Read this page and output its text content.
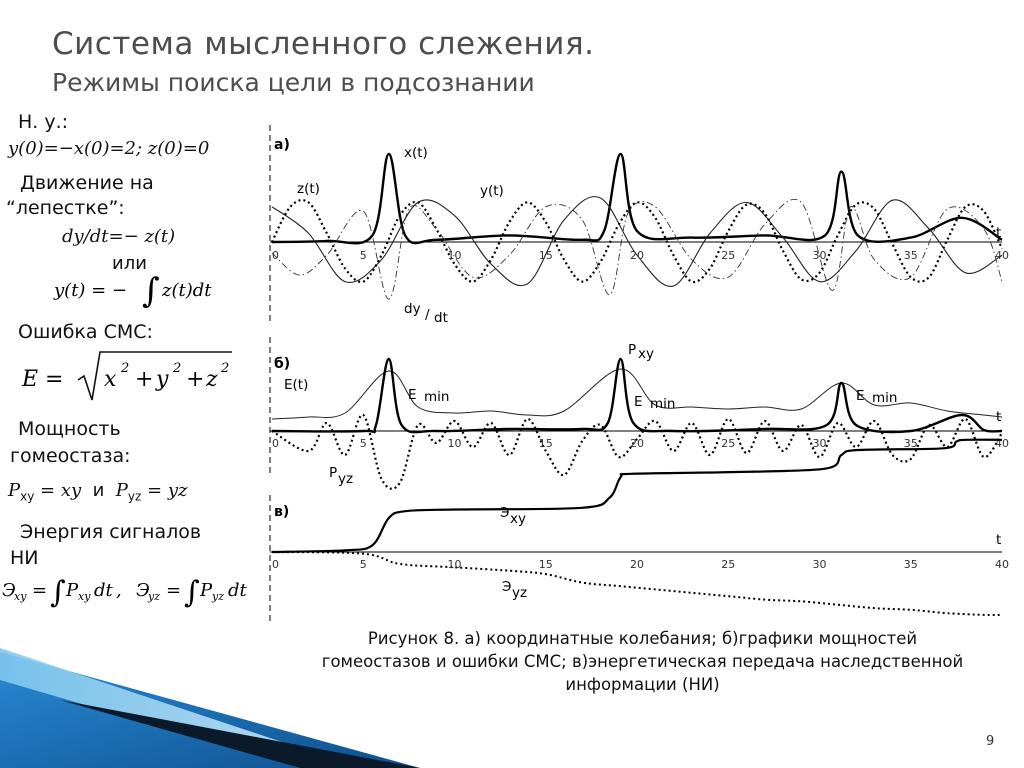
Система мысленного слежения.
Режимы поиска цели в подсознании
Н. у.:
y(0)=−x(0)=2; z(0)=0
Движение на
“лепестке”:
dy/dt=− z(t)
или
y(t) = − ∫ z(t)dt
Ошибка СМС:
E = x 2 + y 2 + z 2
Мощность
гомеостаза:
$P_{xy}$ = xy и $P_{yz}$ = yz
Энергия сигналов
НИ
Э
xy = ∫ P xy dt , Э
yz = ∫ P yz dt
а)
t
0	5	10	15	20	25	30	35	40
x(t)
z(t)	y(t)
dy / dt
б)
t
0	5	10	15	20	25	30	35	40
E(t)
P xy
P yz
E min	E min	E min
в)
t
0	5	10	15	20	25	30	35	40
Э xy
Э yz
Рисунок 8. а) координатные колебания; б)графики мощностей
гомеостазов и ошибки СМС; в)энергетическая передача наследственной
информации (НИ)
9
